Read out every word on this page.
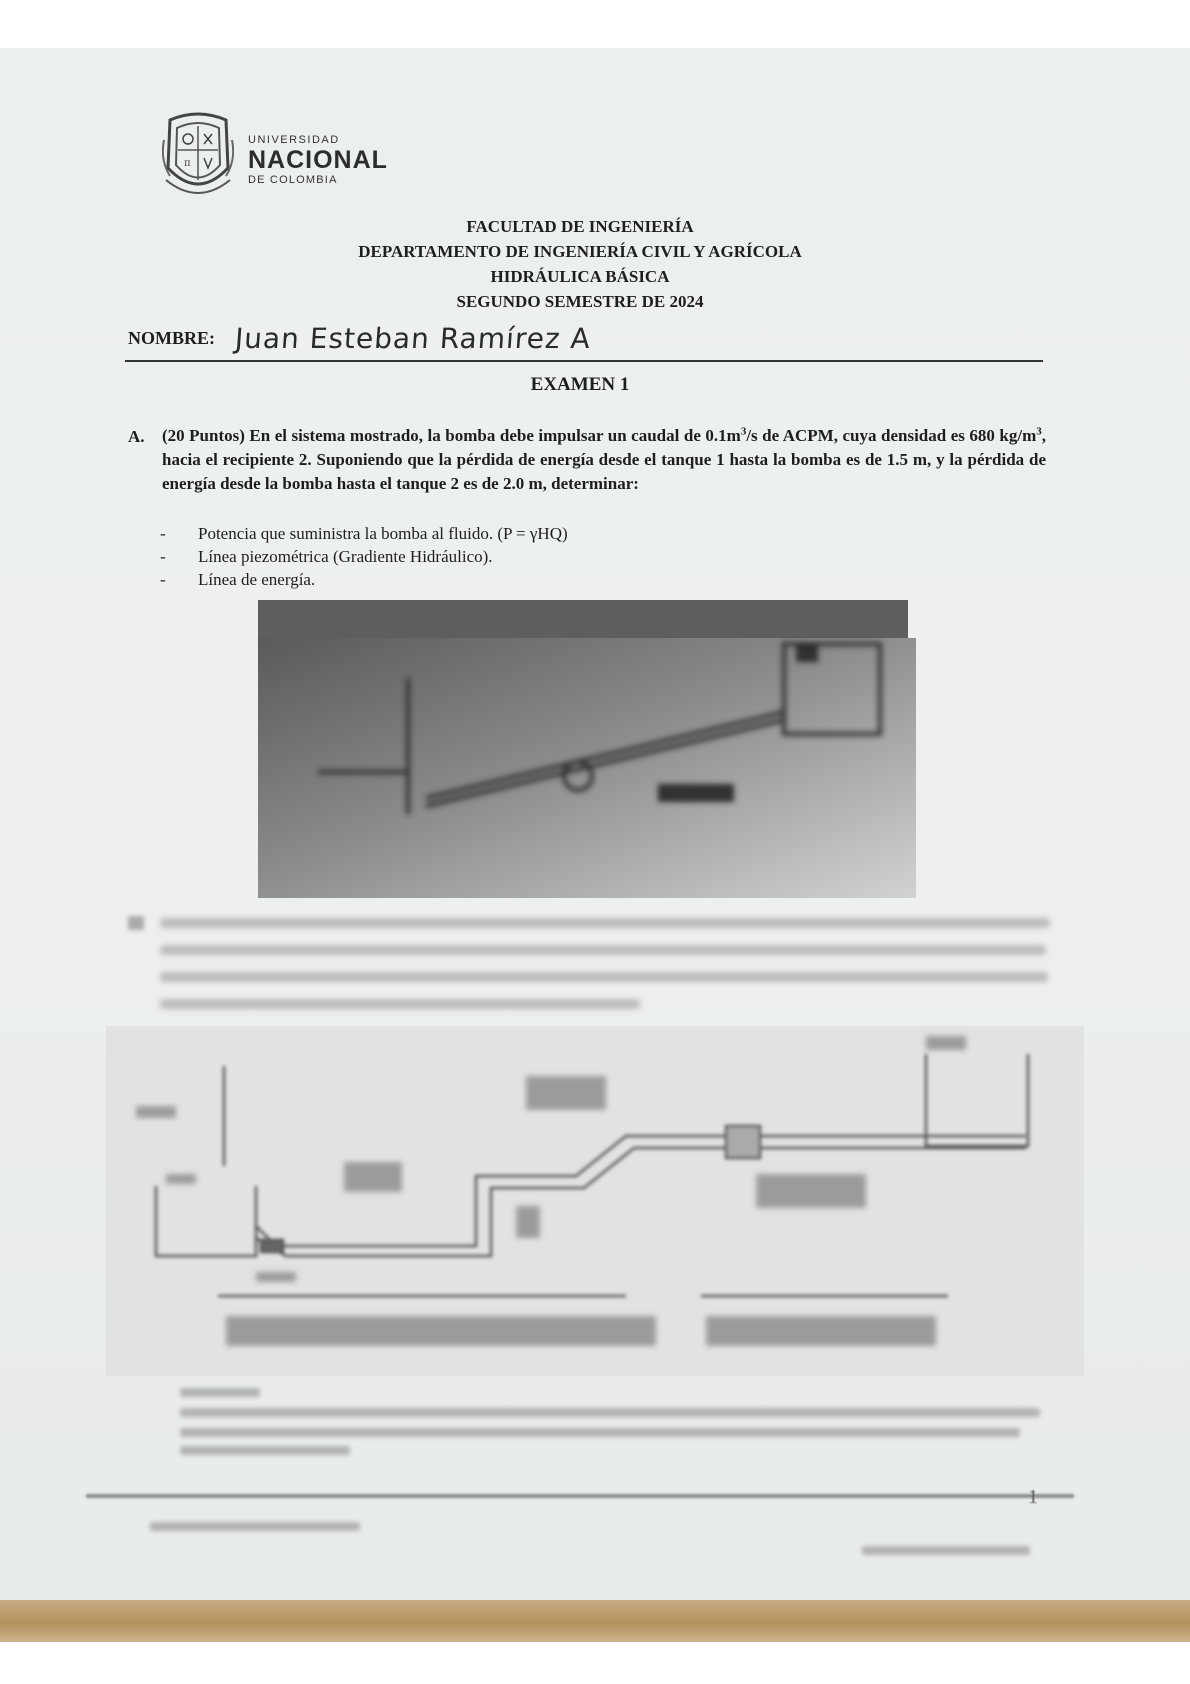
π
UNIVERSIDAD
NACIONAL
DE COLOMBIA
FACULTAD DE INGENIERÍA
DEPARTAMENTO DE INGENIERÍA CIVIL Y AGRÍCOLA
HIDRÁULICA BÁSICA
SEGUNDO SEMESTRE DE 2024
NOMBRE: Juan Esteban Ramírez A
EXAMEN 1
A. (20 Puntos) En el sistema mostrado, la bomba debe impulsar un caudal de $0.1m^3/s$ de ACPM, cuya densidad es 680 $kg/m^3$, hacia el recipiente 2. Suponiendo que la pérdida de energía desde el tanque 1 hasta la bomba es de 1.5 m, y la pérdida de energía desde la bomba hasta el tanque 2 es de 2.0 m, determinar:
- Potencia que suministra la bomba al fluido. (P = γHQ)
- Línea piezométrica (Gradiente Hidráulico).
- Línea de energía.
1
